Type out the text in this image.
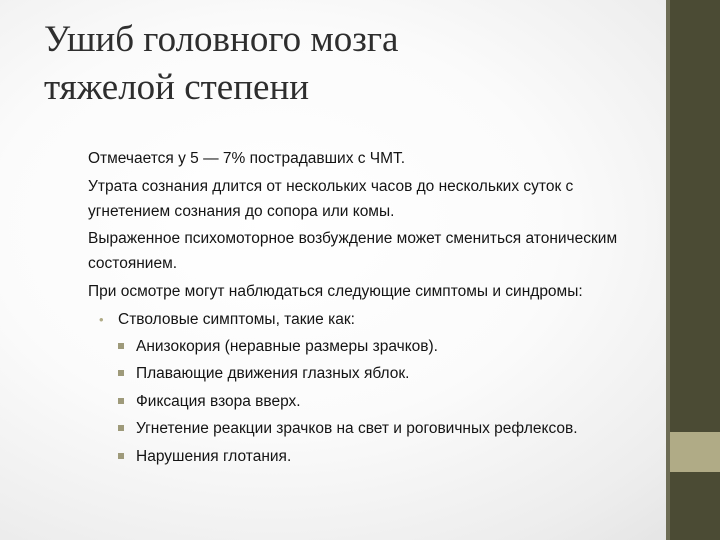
Ушиб головного мозга
тяжелой степени

Отмечается у 5 — 7% пострадавших с ЧМТ.

Утрата сознания длится от нескольких часов до нескольких суток с угнетением сознания до сопора или комы.

Выраженное психомоторное возбуждение может смениться атоническим состоянием.

При осмотре могут наблюдаться следующие симптомы и синдромы:

• Стволовые симптомы, такие как:
Анизокория (неравные размеры зрачков).
Плавающие движения глазных яблок.
Фиксация взора вверх.
Угнетение реакции зрачков на свет и роговичных рефлексов.
Нарушения глотания.
